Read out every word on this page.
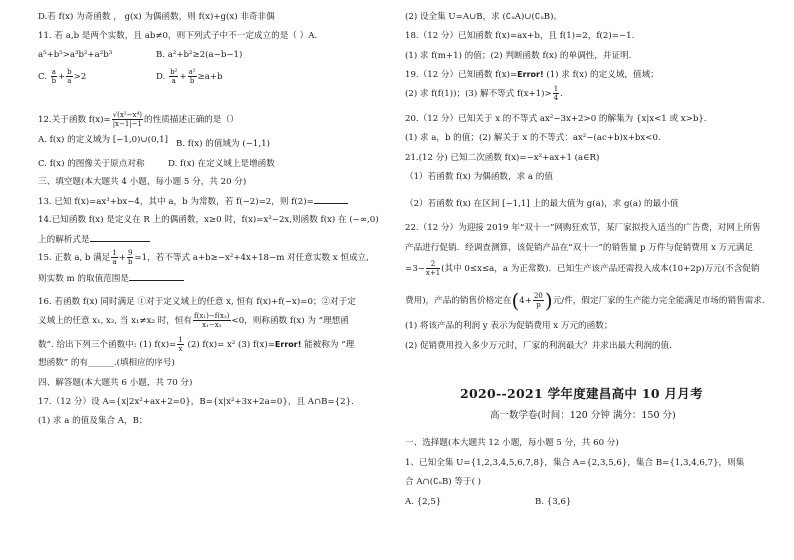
D.若 f(x) 为奇函数 ， g(x) 为偶函数，则 f(x)+g(x) 非奇非偶
11. 若 a,b 是两个实数，且 ab≠0，则下列式子中不一定成立的是（ ）A.
a⁵+b⁵>a³b²+a²b³	B. a²+b²≥2(a−b−1)
C. $\frac{a}{b} + \frac{b}{a} >2$	D. $\frac{\text{b²}}{a} + \frac{\text{a²}}{b} \ge a+b$
12.关于函数 $f(x)= \frac{\text{√(x²−x⁴)}}{|x-1|-1}$ 的性质描述正确的是（）
A. f(x) 的定义域为 [−1,0)∪(0,1] B. f(x) 的值域为 (−1,1)
C. f(x) 的图像关于原点对称	D. f(x) 在定义域上是增函数
三、填空题(本大题共 4 小题，每小题 5 分，共 20 分)
13. 已知 f(x)=ax³+bx−4，其中 a，b 为常数，若 f(−2)=2，则 f(2)=
14.已知函数 f(x) 是定义在 R 上的偶函数，x≥0 时，f(x)=x²−2x,则函数 f(x) 在 (−∞,0)
上的解析式是
15. 正数 a, b 满足 $\frac{1}{a} + \frac{9}{b} =1$，若不等式 a+b≥−x²+4x+18−m 对任意实数 x 恒成立,
则实数 m 的取值范围是
16. 若函数 f(x) 同时满足 ①对于定义域上的任意 x, 恒有 f(x)+f(−x)=0；②对于定
义域上的任意 x₁, x₂, 当 x₁≠x₂ 时，恒有 $\frac{\text{f(x₁)−f(x₂)}}{\text{x₁−x₂}} <0$，则称函数 f(x) 为 “理想函
数”. 给出下列三个函数中: (1) $f(x)= \frac{1}{x} (2)$ f(x)= x² (3) f(x)=Error! 能被称为 “理
想函数” 的有______.(填相应的序号)
四、解答题(本大题共 6 小题，共 70 分)
17.（12 分）设 A={x|2x²+ax+2=0}，B={x|x²+3x+2a=0}，且 A∩B={2}.
(1) 求 a 的值及集合 A，B；
(2) 设全集 U=A∪B，求 (∁ᵤA)∪(∁ᵤB)。
18.（12 分）已知函数 f(x)=ax+b，且 f(1)=2，f(2)=−1.
(1) 求 f(m+1) 的值；(2) 判断函数 f(x) 的单调性，并证明.
19.（12 分）已知函数 f(x)=Error! (1) 求 f(x) 的定义域，值域；
(2) 求 f(f(1))；(3) 解不等式 $f(x+1)> \frac{1}{4}$ .
20.（12 分）已知关于 x 的不等式 ax²−3x+2>0 的解集为 {x|x<1 或 x>b}.
(1) 求 a，b 的值；(2) 解关于 x 的不等式：ax²−(ac+b)x+bx<0.
21.(12 分) 已知二次函数 f(x)=−x²+ax+1 (a∈R)
（1）若函数 f(x) 为偶函数，求 a 的值
（2）若函数 f(x) 在区间 [−1,1] 上的最大值为 g(a)，求 g(a) 的最小值
22.（12 分）为迎接 2019 年“双十一”网购狂欢节，某厂家拟投入适当的广告费，对网上所售
产品进行促销．经调查测算，该促销产品在“双十一”的销售量 p 万件与促销费用 x 万元满足
$=3- \frac{2}{x+1}$ (其中 0≤x≤a，a 为正常数)．已知生产该产品还需投入成本(10+2p)万元(不含促销
费用)，产品的销售价格定在($4+ \frac{20}{p}$ )元/件，假定厂家的生产能力完全能满足市场的销售需求．
(1) 将该产品的利润 y 表示为促销费用 x 万元的函数；
(2) 促销费用投入多少万元时，厂家的利润最大？并求出最大利润的值．
2020--2021 学年度建昌高中 10 月月考
高一数学卷(时间：120 分钟 满分：150 分)
一、选择题(本大题共 12 小题，每小题 5 分，共 60 分)
1、已知全集 U={1,2,3,4,5,6,7,8}，集合 A={2,3,5,6}，集合 B={1,3,4,6,7}，则集
合 A∩(∁ᵤB) 等于( )
A. {2,5}	B. {3,6}
